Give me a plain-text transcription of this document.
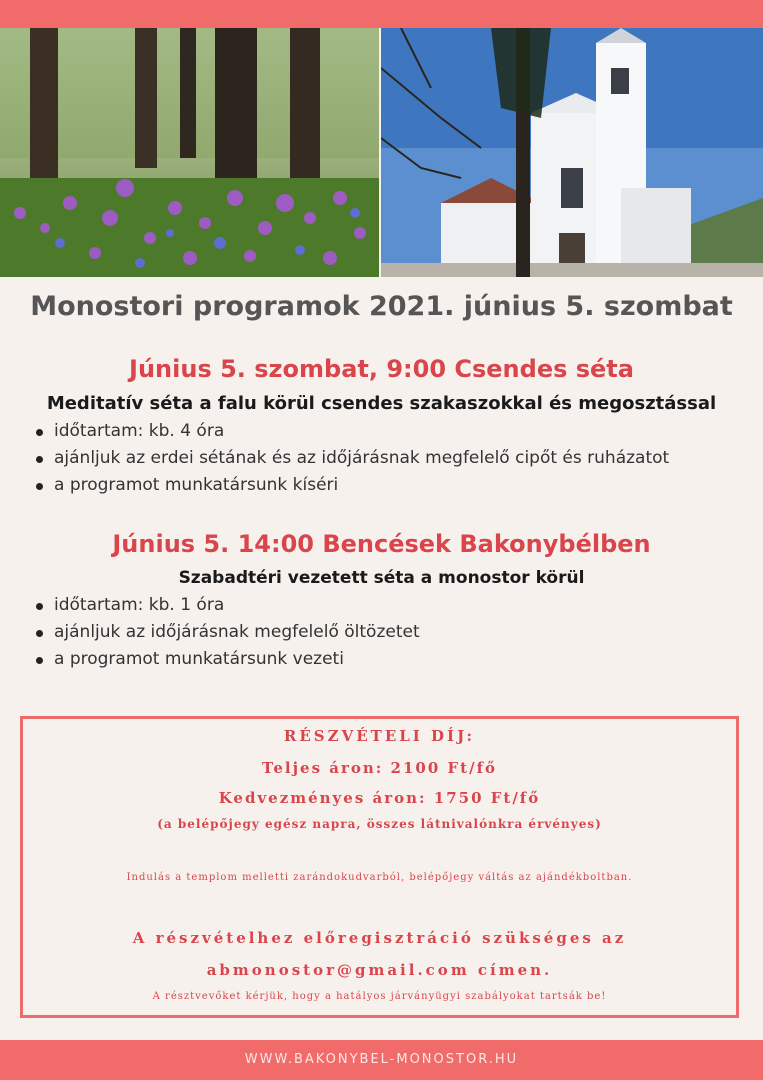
Monostori programok 2021. június 5. szombat
Június 5. szombat, 9:00 Csendes séta

Meditatív séta a falu körül csendes szakaszokkal és megosztással

időtartam: kb. 4 óra
ajánljuk az erdei sétának és az időjárásnak megfelelő cipőt és ruházatot
a programot munkatársunk kíséri
Június 5. 14:00 Bencések Bakonybélben

Szabadtéri vezetett séta a monostor körül

időtartam: kb. 1 óra
ajánljuk az időjárásnak megfelelő öltözetet
a programot munkatársunk vezeti

RÉSZVÉTELI DÍJ:

Teljes áron: 2100 Ft/fő

Kedvezményes áron: 1750 Ft/fő

(a belépőjegy egész napra, összes látnivalónkra érvényes)

Indulás a templom melletti zarándokudvarból, belépőjegy váltás az ajándékboltban.

A részvételhez előregisztráció szükséges az

abmonostor@gmail.com címen.

A résztvevőket kérjük, hogy a hatályos járványügyi szabályokat tartsák be!

WWW.BAKONYBEL-MONOSTOR.HU
